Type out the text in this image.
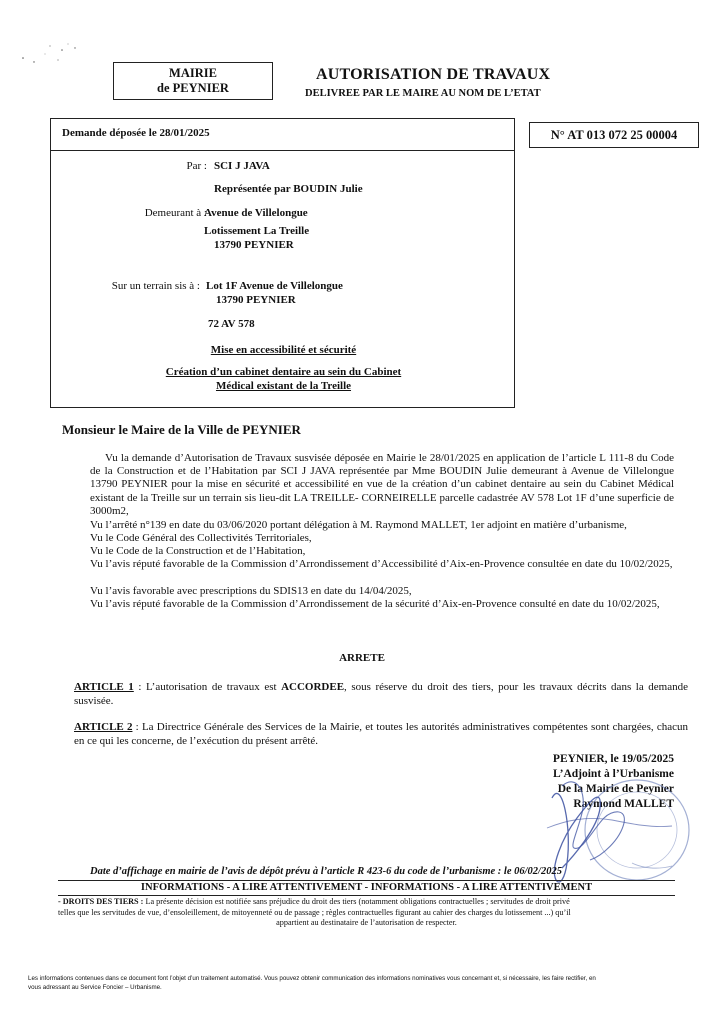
MAIRIE
de PEYNIER
AUTORISATION DE TRAVAUX
DELIVREE PAR LE MAIRE AU NOM DE L’ETAT
Demande déposée le 28/01/2025
Par : SCI J JAVA
Représentée par BOUDIN Julie
Demeurant à :
Avenue de Villelongue
Lotissement La Treille
13790 PEYNIER
Sur un terrain sis à : Lot 1F Avenue de Villelongue
13790 PEYNIER
72 AV 578
Mise en accessibilité et sécurité
Création d’un cabinet dentaire au sein du Cabinet
Médical existant de la Treille
N° AT 013 072 25 00004
Monsieur le Maire de la Ville de PEYNIER
Vu la demande d’Autorisation de Travaux susvisée déposée en Mairie le 28/01/2025 en application de l’article L 111-8 du Code de la Construction et de l’Habitation par SCI J JAVA représentée par Mme BOUDIN Julie demeurant à Avenue de Villelongue 13790 PEYNIER pour la mise en sécurité et accessibilité en vue de la création d’un cabinet dentaire au sein du Cabinet Médical existant de la Treille sur un terrain sis lieu-dit LA TREILLE- CORNEIRELLE parcelle cadastrée AV 578 Lot 1F d’une superficie de 3000m2,
Vu l’arrêté n°139 en date du 03/06/2020 portant délégation à M. Raymond MALLET, 1er adjoint en matière d’urbanisme,
Vu le Code Général des Collectivités Territoriales,
Vu le Code de la Construction et de l’Habitation,
Vu l’avis réputé favorable de la Commission d’Arrondissement d’Accessibilité d’Aix-en-Provence consultée en date du 10/02/2025,
Vu l’avis favorable avec prescriptions du SDIS13 en date du 14/04/2025,
Vu l’avis réputé favorable de la Commission d’Arrondissement de la sécurité d’Aix-en-Provence consulté en date du 10/02/2025,
ARRETE
ARTICLE 1 : L’autorisation de travaux est ACCORDEE, sous réserve du droit des tiers, pour les travaux décrits dans la demande susvisée.
ARTICLE 2 : La Directrice Générale des Services de la Mairie, et toutes les autorités administratives compétentes sont chargées, chacun en ce qui les concerne, de l’exécution du présent arrêté.
PEYNIER, le 19/05/2025
L’Adjoint à l’Urbanisme
De la Mairie de Peynier
Raymond MALLET
Date d’affichage en mairie de l’avis de dépôt prévu à l’article R 423-6 du code de l’urbanisme : le 06/02/2025
INFORMATIONS - A LIRE ATTENTIVEMENT - INFORMATIONS - A LIRE ATTENTIVEMENT
- DROITS DES TIERS : La présente décision est notifiée sans préjudice du droit des tiers (notamment obligations contractuelles ; servitudes de droit privé
telles que les servitudes de vue, d’ensoleillement, de mitoyenneté ou de passage ; règles contractuelles figurant au cahier des charges du lotissement ...) qu’il
appartient au destinataire de l’autorisation de respecter.
Les informations contenues dans ce document font l’objet d’un traitement automatisé. Vous pouvez obtenir communication des informations nominatives vous concernant et, si nécessaire, les faire rectifier, en
vous adressant au Service Foncier – Urbanisme.
